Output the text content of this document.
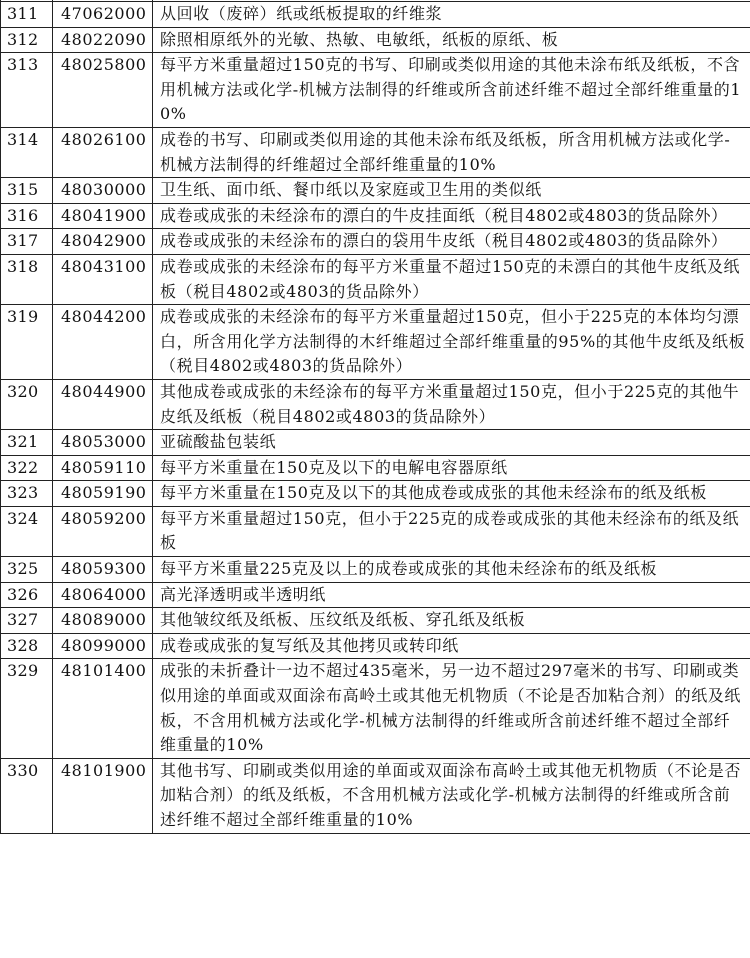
311	47062000	从回收（废碎）纸或纸板提取的纤维浆
312	48022090	除照相原纸外的光敏、热敏、电敏纸，纸板的原纸、板
313	48025800	每平方米重量超过150克的书写、印刷或类似用途的其他未涂布纸及纸板，不含用机械方法或化学-机械方法制得的纤维或所含前述纤维不超过全部纤维重量的10%
314	48026100	成卷的书写、印刷或类似用途的其他未涂布纸及纸板，所含用机械方法或化学-机械方法制得的纤维超过全部纤维重量的10%
315	48030000	卫生纸、面巾纸、餐巾纸以及家庭或卫生用的类似纸
316	48041900	成卷或成张的未经涂布的漂白的牛皮挂面纸（税目4802或4803的货品除外）
317	48042900	成卷或成张的未经涂布的漂白的袋用牛皮纸（税目4802或4803的货品除外）
318	48043100	成卷或成张的未经涂布的每平方米重量不超过150克的未漂白的其他牛皮纸及纸板（税目4802或4803的货品除外）
319	48044200	成卷或成张的未经涂布的每平方米重量超过150克，但小于225克的本体均匀漂白，所含用化学方法制得的木纤维超过全部纤维重量的95%的其他牛皮纸及纸板（税目4802或4803的货品除外）
320	48044900	其他成卷或成张的未经涂布的每平方米重量超过150克，但小于225克的其他牛皮纸及纸板（税目4802或4803的货品除外）
321	48053000	亚硫酸盐包装纸
322	48059110	每平方米重量在150克及以下的电解电容器原纸
323	48059190	每平方米重量在150克及以下的其他成卷或成张的其他未经涂布的纸及纸板
324	48059200	每平方米重量超过150克，但小于225克的成卷或成张的其他未经涂布的纸及纸板
325	48059300	每平方米重量225克及以上的成卷或成张的其他未经涂布的纸及纸板
326	48064000	高光泽透明或半透明纸
327	48089000	其他皱纹纸及纸板、压纹纸及纸板、穿孔纸及纸板
328	48099000	成卷或成张的复写纸及其他拷贝或转印纸
329	48101400	成张的未折叠计一边不超过435毫米，另一边不超过297毫米的书写、印刷或类似用途的单面或双面涂布高岭土或其他无机物质（不论是否加粘合剂）的纸及纸板，不含用机械方法或化学-机械方法制得的纤维或所含前述纤维不超过全部纤维重量的10%
330	48101900	其他书写、印刷或类似用途的单面或双面涂布高岭土或其他无机物质（不论是否加粘合剂）的纸及纸板，不含用机械方法或化学-机械方法制得的纤维或所含前述纤维不超过全部纤维重量的10%
